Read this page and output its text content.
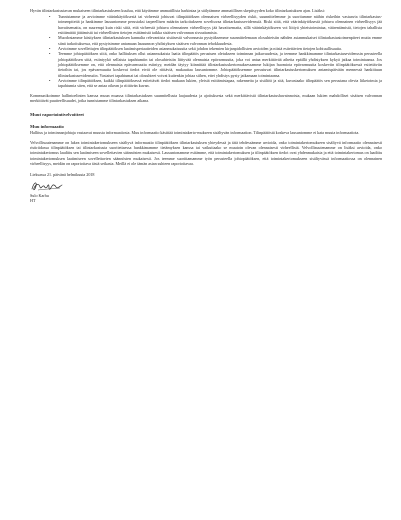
Hyvän tilintarkastustavan mukaiseen tilintarkastukseen kuuluu, että käytämme ammatillista harkintaa ja säilytämme ammatillisen skeptisyyden koko tilintarkastuksen ajan. Lisäksi:

• Tunnistamme ja arvioimme väärinkäytöksestä tai virheestä johtuvat tilinpäätöksen olennaisen virheellisyyden riskit, suunnittelemme ja suoritamme näihin riskeihin vastaavia tilintarkastus-toimenpiteitä ja hankimme lausuntomme perustaksi tarpeellisen määrän tarkoitukseen soveltuvaa tilintarkastusevidenssiä. Riski siitä, että väärinkäytöksestä johtuva olennainen virheellisyys jää havaitsematta, on suurempi kuin riski siitä, että virheestä johtuva olennainen virheellisyys jää havaitsematta, sillä väärinkäytökseen voi liittyä yhteistoimintaa, väärentämistä, tietojen tahallista esittämättä jättämistä tai virheellisten tietojen esittämistä taikka sisäisen valvonnan sivuuttamista.
• Muodostamme käsityksen tilintarkastuksen kannalta relevantista sisäisestä valvonnasta pystyäksemme suunnittelemaan olosuhteisiin nähden asianmukaiset tilintarkastustoimenpiteet mutta emme siinä tarkoituksessa, että pystyisimme antamaan lausunnon yhdistyksen sisäisen valvonnan tehokkuudesta.
• Arvioimme sovellettujen tilinpäätöksen laatimisperiaatteiden asianmukaisuutta sekä johdon tekemien kirjanpidollisten arvioiden ja niistä esitettävien tietojen kohtuullisuutta.
• Teemme johtopäätöksen siitä, onko hallituksen ollut asianmukaista laatia tilinpäätös perustuen oletukseen toiminnan jatkuvuudesta, ja teemme hankkimamme tilintarkastusevidenssin perusteella johtopäätöksen siitä, esiintyykö sellaista tapahtumiin tai olosuhteisiin liittyvää olennaista epävarmuutta, joka voi antaa merkittävää aihetta epäillä yhdistyksen kykyä jatkaa toimintaansa. Jos johtopäätöksemme on, että olennaista epävarmuutta esiintyy, meidän täytyy kiinnittää tilintarkastuskertomuksessamme lukijan huomiota epävarmuutta koskeviin tilinpäätöksessä esitettäviin tietoihin tai, jos epävarmuutta koskevat tiedot eivät ole riittäviä, mukauttaa lausuntomme. Johtopäätöksemme perustuvat tilintarkastuskertomuksen antamispäivään mennessä hankittuun tilintarkastusevidenssiin. Vastaiset tapahtumat tai olosuhteet voivat kuitenkin johtaa siihen, ettei yhdistys pysty jatkamaan toimintaansa.
• Arvioimme tilinpäätöksen, kaikki tilinpäätöksessä esitettävät tiedot mukaan lukien, yleistä esittämistapaa, rakennetta ja sisältöä ja sitä, kuvastaako tilinpäätös sen perustana olevia liiketoimia ja tapahtumia siten, että se antaa oikean ja riittävän kuvan.

Kommunikoimme hallintoelinten kanssa muun muassa tilintarkastuksen suunnitellusta laajuudesta ja ajoituksesta sekä merkittävistä tilintarkastushavainnoista, mukaan lukien mahdolliset sisäisen valvonnan merkittävät puutteellisuudet, jotka tunnistamme tilintarkastuksen aikana.

Muut raportointivelvoitteet
Muu informaatio

Hallitus ja toiminnanjohtaja vastaavat muusta informaatiosta. Muu informaatio käsittää toimintakerto-mukseen sisältyvän informaation. Tilinpäätöstä koskeva lausuntomme ei kata muuta informaatiota.

Velvollisuutenamme on lukea toimintakertomukseen sisältyvä informaatio tilinpäätöksen tilintarkastuksen yhteydessä ja tätä tehdessämme arvioida, onko toimintakertomukseen sisältyvä informaatio olennaisesti ristiriidassa tilinpäätöksen tai tilintarkastusta suoritettaessa hankkimamme tietämyksen kanssa tai vaikuttaako se muutoin olevan olennaisesti virheellistä. Velvollisuutenamme on lisäksi arvioida, onko toimintakertomus laadittu sen laatimiseen sovellettavien säännösten mukaisesti. Lausuntonamme esitämme, että toimintakertomuksen ja tilinpäätöksen tiedot ovat yhdenmukaisia ja että toimintakertomus on laadittu toimintakertomuksen laatimiseen sovellettavien säännösten mukaisesti. Jos teemme suorittamamme työn perusteella johtopäätöksen, että toimintakertomukseen sisältyvässä informaatiossa on olennainen virheellisyys, meidän on raportoitava tästä seikasta. Meillä ei ole tämän asian suhteen raportoitavaa.

Lieksassa 21. päivänä helmikuuta 2018
Sulo Karhu
HT
